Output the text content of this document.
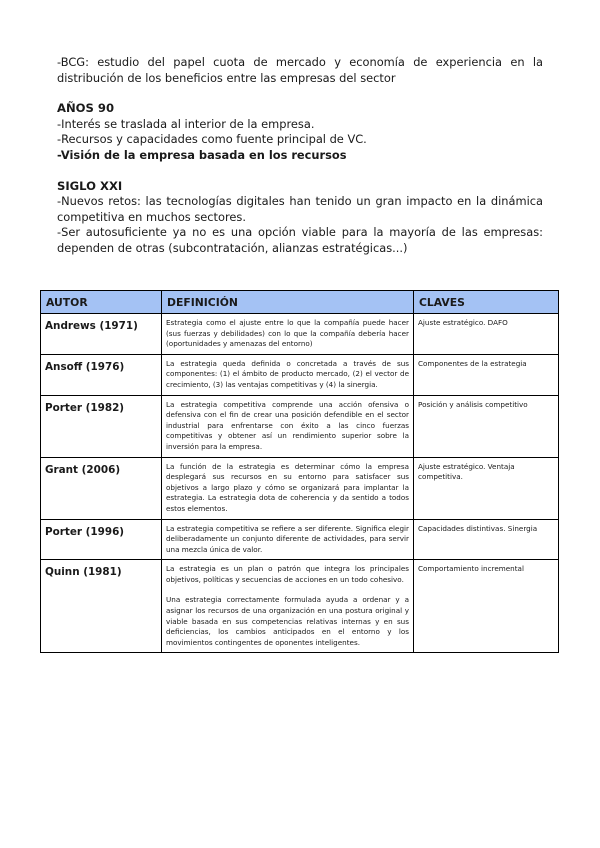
-BCG: estudio del papel cuota de mercado y economía de experiencia en la distribución de los beneficios entre las empresas del sector

AÑOS 90

-Interés se traslada al interior de la empresa.

-Recursos y capacidades como fuente principal de VC.

-Visión de la empresa basada en los recursos

SIGLO XXI

-Nuevos retos: las tecnologías digitales han tenido un gran impacto en la dinámica competitiva en muchos sectores.

-Ser autosuficiente ya no es una opción viable para la mayoría de las empresas: dependen de otras (subcontratación, alianzas estratégicas...)

AUTOR	DEFINICIÓN	CLAVES
Andrews (1971)	Estrategia como el ajuste entre lo que la compañía puede hacer (sus fuerzas y debilidades) con lo que la compañía debería hacer (oportunidades y amenazas del entorno)	Ajuste estratégico. DAFO
Ansoff (1976)	La estrategia queda definida o concretada a través de sus componentes: (1) el ámbito de producto mercado, (2) el vector de crecimiento, (3) las ventajas competitivas y (4) la sinergia.	Componentes de la estrategia
Porter (1982)	La estrategia competitiva comprende una acción ofensiva o defensiva con el fin de crear una posición defendible en el sector industrial para enfrentarse con éxito a las cinco fuerzas competitivas y obtener así un rendimiento superior sobre la inversión para la empresa.	Posición y análisis competitivo
Grant (2006)	La función de la estrategia es determinar cómo la empresa desplegará sus recursos en su entorno para satisfacer sus objetivos a largo plazo y cómo se organizará para implantar la estrategia. La estrategia dota de coherencia y da sentido a todos estos elementos.	Ajuste estratégico. Ventaja competitiva.
Porter (1996)	La estrategia competitiva se refiere a ser diferente. Significa elegir deliberadamente un conjunto diferente de actividades, para servir una mezcla única de valor.	Capacidades distintivas. Sinergia
Quinn (1981)	La estrategia es un plan o patrón que integra los principales objetivos, políticas y secuencias de acciones en un todo cohesivo.

Una estrategia correctamente formulada ayuda a ordenar y a asignar los recursos de una organización en una postura original y viable basada en sus competencias relativas internas y en sus deficiencias, los cambios anticipados en el entorno y los movimientos contingentes de oponentes inteligentes.	Comportamiento incremental
